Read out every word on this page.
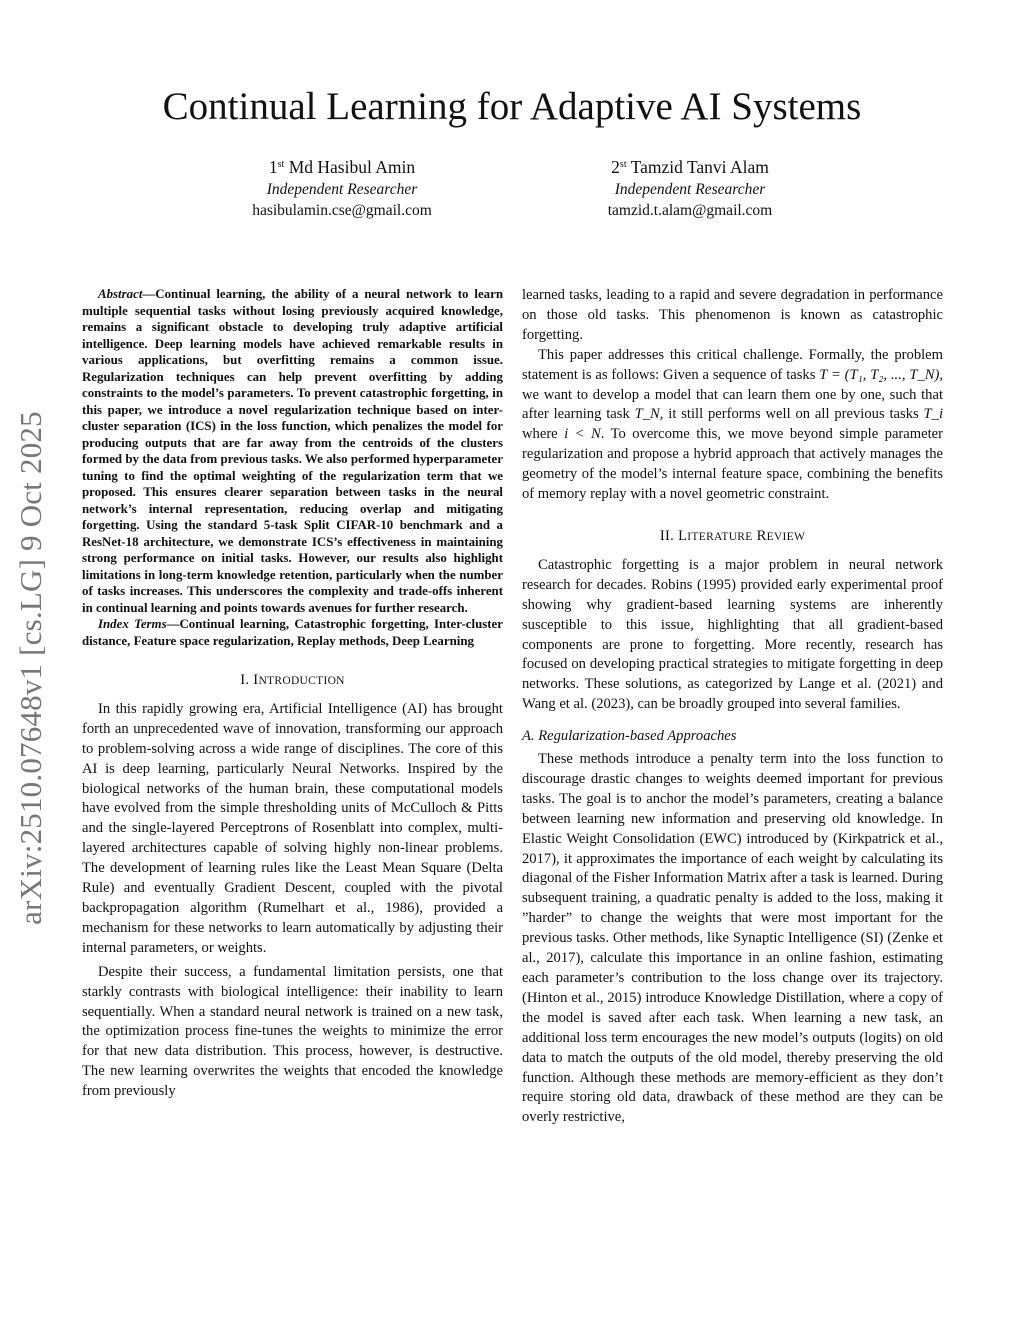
arXiv:2510.07648v1 [cs.LG] 9 Oct 2025
Continual Learning for Adaptive AI Systems
1st Md Hasibul Amin
Independent Researcher
hasibulamin.cse@gmail.com
2st Tamzid Tanvi Alam
Independent Researcher
tamzid.t.alam@gmail.com

Abstract—Continual learning, the ability of a neural network to learn multiple sequential tasks without losing previously acquired knowledge, remains a significant obstacle to developing truly adaptive artificial intelligence. Deep learning models have achieved remarkable results in various applications, but overfitting remains a common issue. Regularization techniques can help prevent overfitting by adding constraints to the model’s parameters. To prevent catastrophic forgetting, in this paper, we introduce a novel regularization technique based on inter-cluster separation (ICS) in the loss function, which penalizes the model for producing outputs that are far away from the centroids of the clusters formed by the data from previous tasks. We also performed hyperparameter tuning to find the optimal weighting of the regularization term that we proposed. This ensures clearer separation between tasks in the neural network’s internal representation, reducing overlap and mitigating forgetting. Using the standard 5-task Split CIFAR-10 benchmark and a ResNet-18 architecture, we demonstrate ICS’s effectiveness in maintaining strong performance on initial tasks. However, our results also highlight limitations in long-term knowledge retention, particularly when the number of tasks increases. This underscores the complexity and trade-offs inherent in continual learning and points towards avenues for further research.

Index Terms—Continual learning, Catastrophic forgetting, Inter-cluster distance, Feature space regularization, Replay methods, Deep Learning

I. INTRODUCTION

In this rapidly growing era, Artificial Intelligence (AI) has brought forth an unprecedented wave of innovation, transforming our approach to problem-solving across a wide range of disciplines. The core of this AI is deep learning, particularly Neural Networks. Inspired by the biological networks of the human brain, these computational models have evolved from the simple thresholding units of McCulloch & Pitts and the single-layered Perceptrons of Rosenblatt into complex, multi-layered architectures capable of solving highly non-linear problems. The development of learning rules like the Least Mean Square (Delta Rule) and eventually Gradient Descent, coupled with the pivotal backpropagation algorithm (Rumelhart et al., 1986), provided a mechanism for these networks to learn automatically by adjusting their internal parameters, or weights.

Despite their success, a fundamental limitation persists, one that starkly contrasts with biological intelligence: their inability to learn sequentially. When a standard neural network is trained on a new task, the optimization process fine-tunes the weights to minimize the error for that new data distribution. This process, however, is destructive. The new learning overwrites the weights that encoded the knowledge from previously

learned tasks, leading to a rapid and severe degradation in performance on those old tasks. This phenomenon is known as catastrophic forgetting.

This paper addresses this critical challenge. Formally, the problem statement is as follows: Given a sequence of tasks T = (T₁, T₂, ..., T_N), we want to develop a model that can learn them one by one, such that after learning task T_N, it still performs well on all previous tasks T_i where i < N. To overcome this, we move beyond simple parameter regularization and propose a hybrid approach that actively manages the geometry of the model’s internal feature space, combining the benefits of memory replay with a novel geometric constraint.

II. LITERATURE REVIEW

Catastrophic forgetting is a major problem in neural network research for decades. Robins (1995) provided early experimental proof showing why gradient-based learning systems are inherently susceptible to this issue, highlighting that all gradient-based components are prone to forgetting. More recently, research has focused on developing practical strategies to mitigate forgetting in deep networks. These solutions, as categorized by Lange et al. (2021) and Wang et al. (2023), can be broadly grouped into several families.

A. Regularization-based Approaches

These methods introduce a penalty term into the loss function to discourage drastic changes to weights deemed important for previous tasks. The goal is to anchor the model’s parameters, creating a balance between learning new information and preserving old knowledge. In Elastic Weight Consolidation (EWC) introduced by (Kirkpatrick et al., 2017), it approximates the importance of each weight by calculating its diagonal of the Fisher Information Matrix after a task is learned. During subsequent training, a quadratic penalty is added to the loss, making it ”harder” to change the weights that were most important for the previous tasks. Other methods, like Synaptic Intelligence (SI) (Zenke et al., 2017), calculate this importance in an online fashion, estimating each parameter’s contribution to the loss change over its trajectory. (Hinton et al., 2015) introduce Knowledge Distillation, where a copy of the model is saved after each task. When learning a new task, an additional loss term encourages the new model’s outputs (logits) on old data to match the outputs of the old model, thereby preserving the old function. Although these methods are memory-efficient as they don’t require storing old data, drawback of these method are they can be overly restrictive,
